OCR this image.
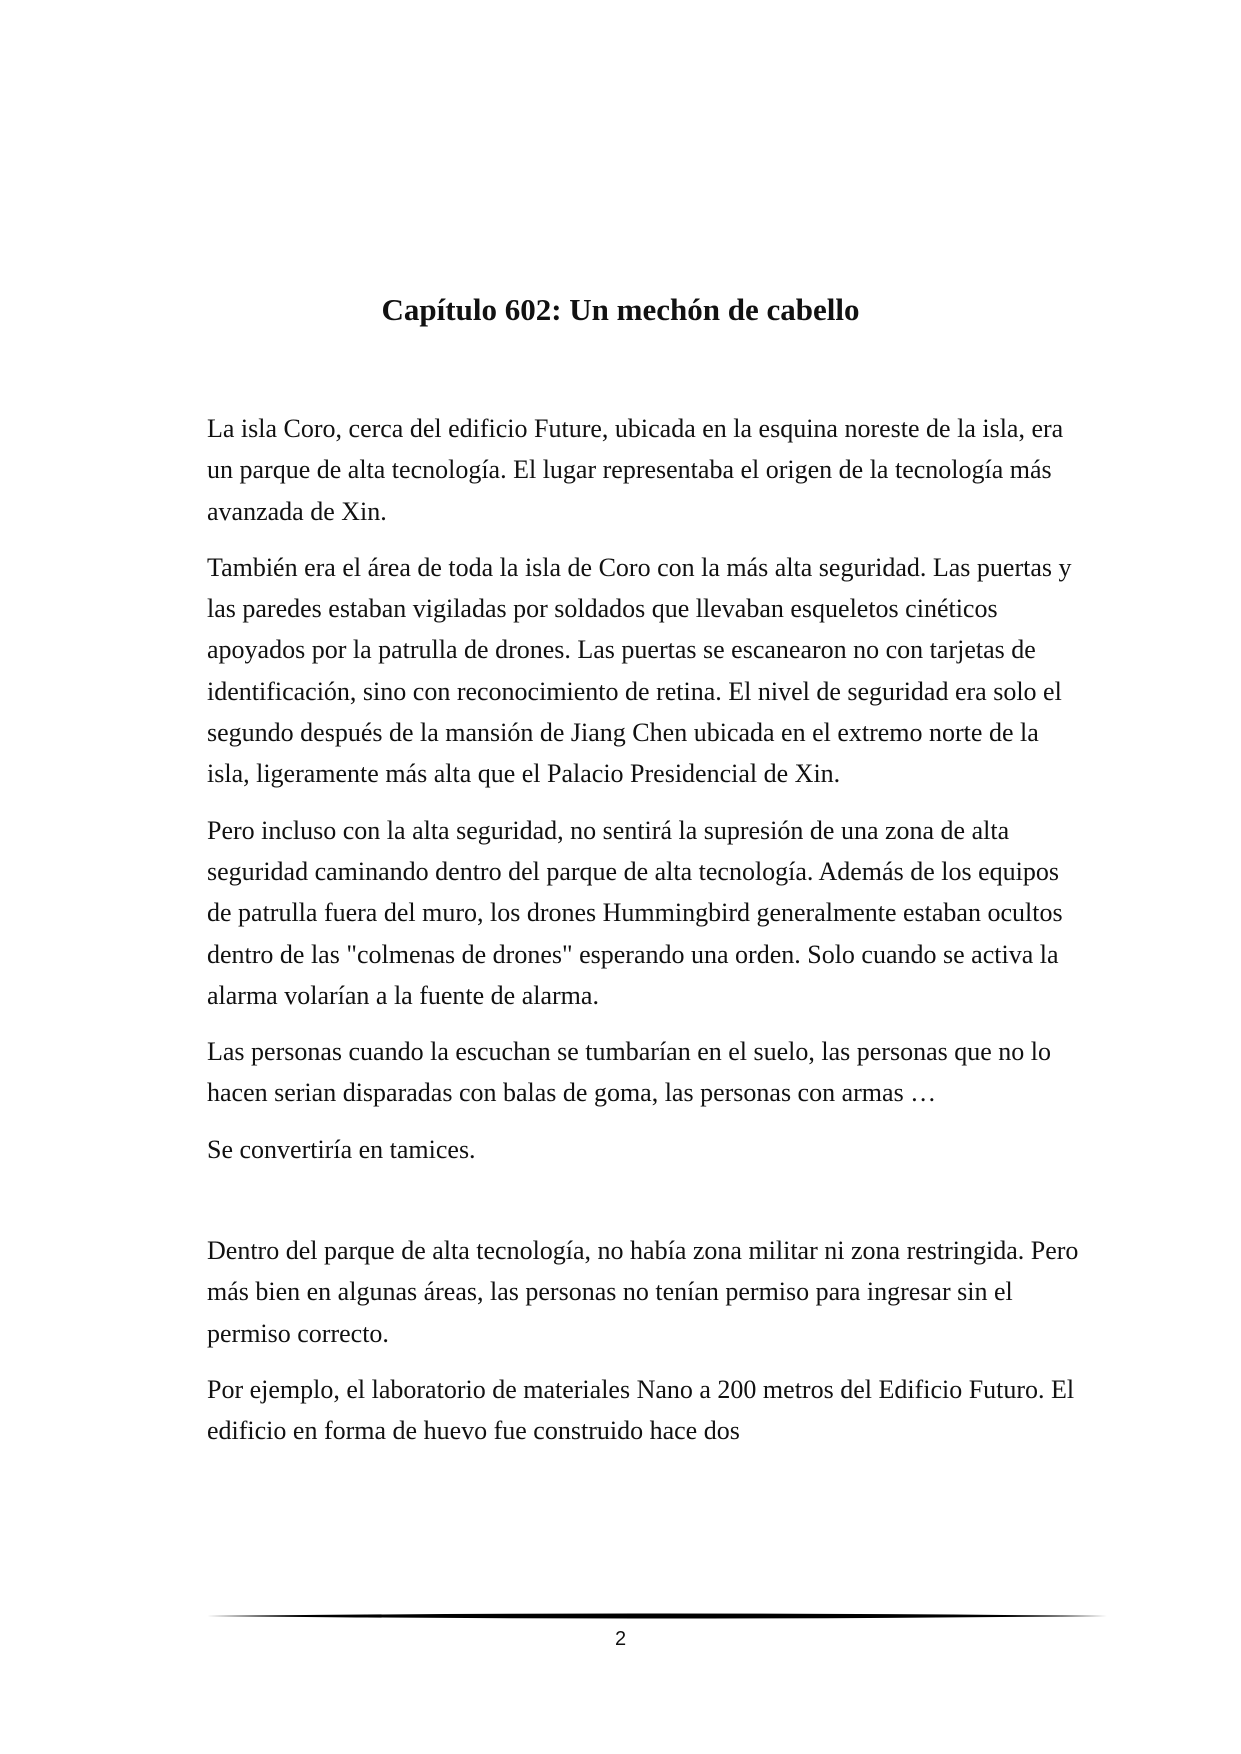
Capítulo 602: Un mechón de cabello

La isla Coro, cerca del edificio Future, ubicada en la esquina noreste de la isla, era un parque de alta tecnología. El lugar representaba el origen de la tecnología más avanzada de Xin.

También era el área de toda la isla de Coro con la más alta seguridad. Las puertas y las paredes estaban vigiladas por soldados que llevaban esqueletos cinéticos apoyados por la patrulla de drones. Las puertas se escanearon no con tarjetas de identificación, sino con reconocimiento de retina. El nivel de seguridad era solo el segundo después de la mansión de Jiang Chen ubicada en el extremo norte de la isla, ligeramente más alta que el Palacio Presidencial de Xin.

Pero incluso con la alta seguridad, no sentirá la supresión de una zona de alta seguridad caminando dentro del parque de alta tecnología. Además de los equipos de patrulla fuera del muro, los drones Hummingbird generalmente estaban ocultos dentro de las "colmenas de drones" esperando una orden. Solo cuando se activa la alarma volarían a la fuente de alarma.

Las personas cuando la escuchan se tumbarían en el suelo, las personas que no lo hacen serian disparadas con balas de goma, las personas con armas …

Se convertiría en tamices.

Dentro del parque de alta tecnología, no había zona militar ni zona restringida. Pero más bien en algunas áreas, las personas no tenían permiso para ingresar sin el permiso correcto.

Por ejemplo, el laboratorio de materiales Nano a 200 metros del Edificio Futuro. El edificio en forma de huevo fue construido hace dos

2
